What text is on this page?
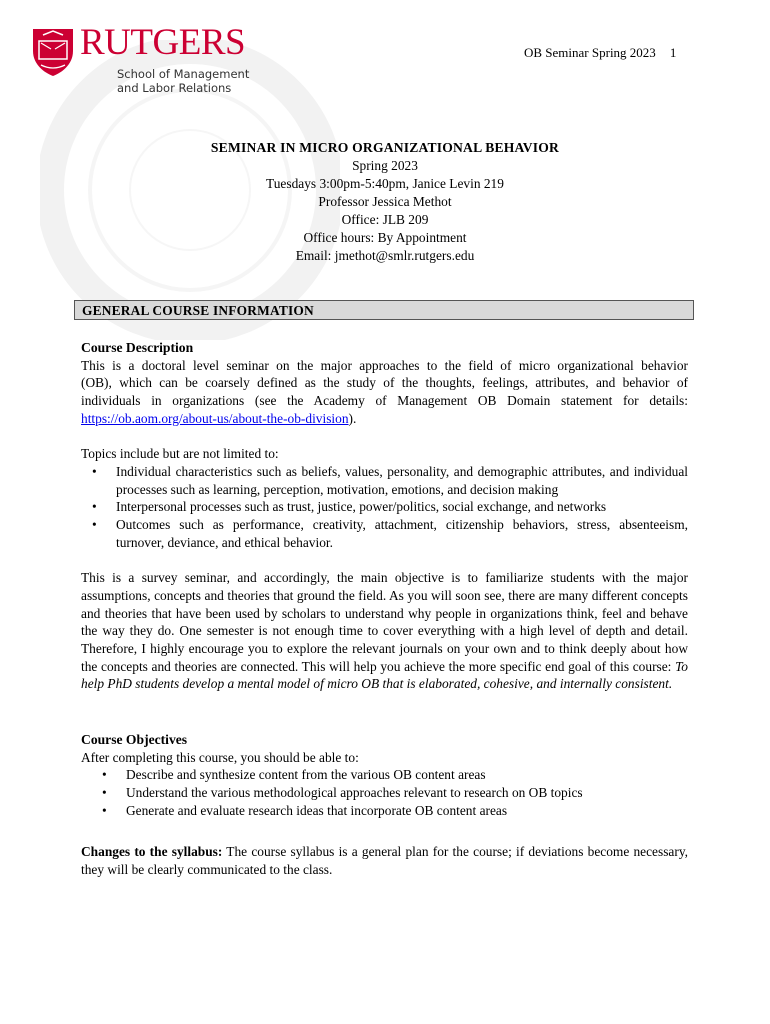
RUTGERS
School of Management
and Labor Relations
OB Seminar Spring 2023 1
SEMINAR IN MICRO ORGANIZATIONAL BEHAVIOR
Spring 2023
Tuesdays 3:00pm-5:40pm, Janice Levin 219
Professor Jessica Methot
Office: JLB 209
Office hours: By Appointment
Email: jmethot@smlr.rutgers.edu
GENERAL COURSE INFORMATION
Course Description

This is a doctoral level seminar on the major approaches to the field of micro organizational behavior

(OB), which can be coarsely defined as the study of the thoughts, feelings, attributes, and behavior of

individuals in organizations (see the Academy of Management OB Domain statement for details:

https://ob.aom.org/about-us/about-the-ob-division).

Topics include but are not limited to:

• Individual characteristics such as beliefs, values, personality, and demographic attributes, and individual processes such as learning, perception, motivation, emotions, and decision making
• Interpersonal processes such as trust, justice, power/politics, social exchange, and networks
• Outcomes such as performance, creativity, attachment, citizenship behaviors, stress, absenteeism, turnover, deviance, and ethical behavior.

This is a survey seminar, and accordingly, the main objective is to familiarize students with the major assumptions, concepts and theories that ground the field. As you will soon see, there are many different concepts and theories that have been used by scholars to understand why people in organizations think, feel and behave the way they do. One semester is not enough time to cover everything with a high level of depth and detail. Therefore, I highly encourage you to explore the relevant journals on your own and to think deeply about how the concepts and theories are connected. This will help you achieve the more specific end goal of this course: To help PhD students develop a mental model of micro OB that is elaborated, cohesive, and internally consistent.

Course Objectives

After completing this course, you should be able to:

• Describe and synthesize content from the various OB content areas
• Understand the various methodological approaches relevant to research on OB topics
• Generate and evaluate research ideas that incorporate OB content areas

Changes to the syllabus: The course syllabus is a general plan for the course; if deviations become necessary, they will be clearly communicated to the class.
